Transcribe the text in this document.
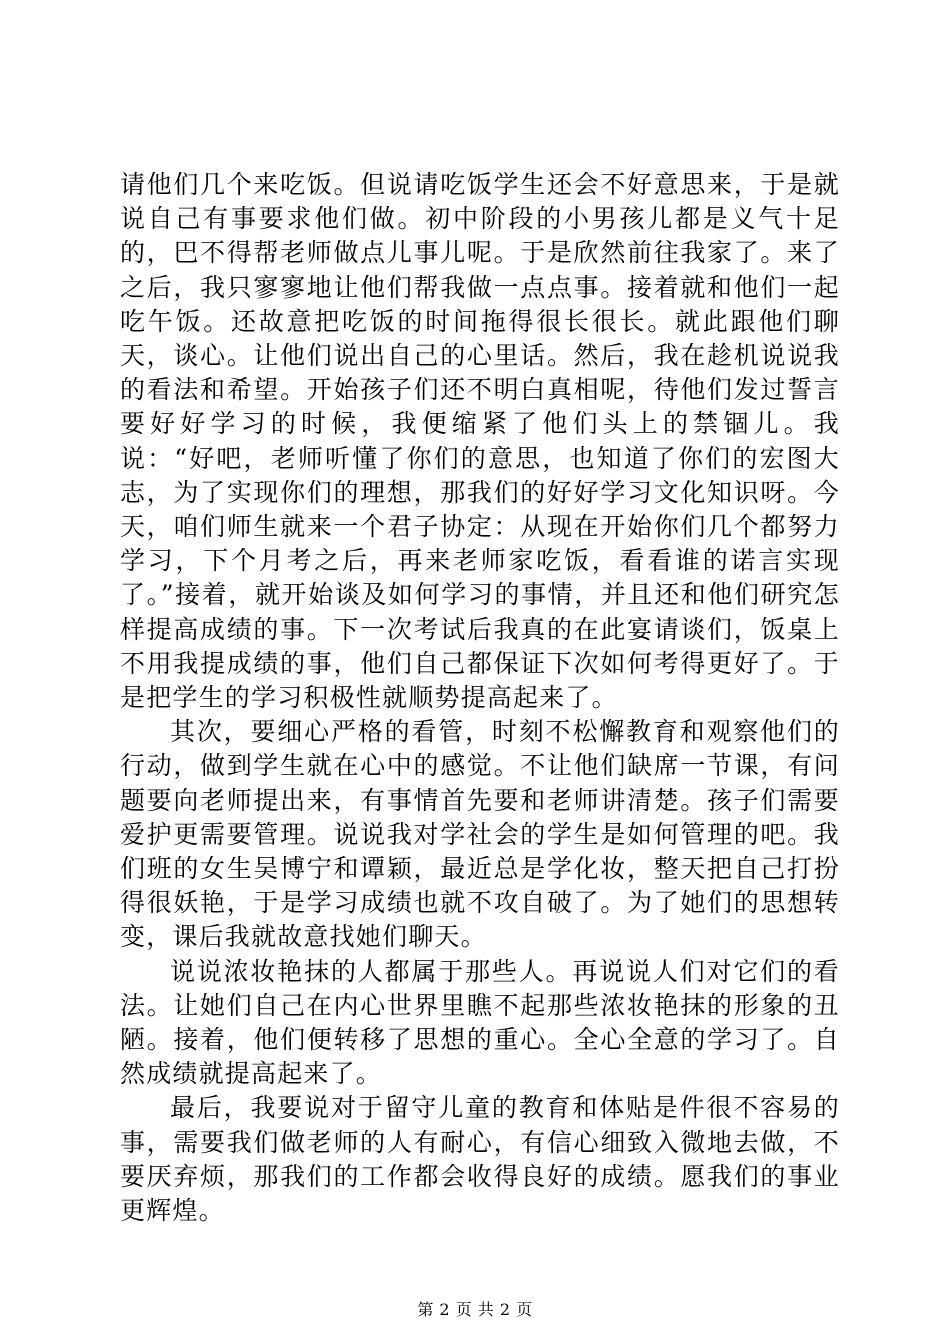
请他们几个来吃饭。但说请吃饭学生还会不好意思来，于是就说自己有事要求他们做。初中阶段的小男孩儿都是义气十足的，巴不得帮老师做点儿事儿呢。于是欣然前往我家了。来了之后，我只寥寥地让他们帮我做一点点事。接着就和他们一起吃午饭。还故意把吃饭的时间拖得很长很长。就此跟他们聊天，谈心。让他们说出自己的心里话。然后，我在趁机说说我的看法和希望。开始孩子们还不明白真相呢，待他们发过誓言要好好学习的时候，我便缩紧了他们头上的禁锢儿。我说：“好吧，老师听懂了你们的意思，也知道了你们的宏图大志，为了实现你们的理想，那我们的好好学习文化知识呀。今天，咱们师生就来一个君子协定：从现在开始你们几个都努力学习，下个月考之后，再来老师家吃饭，看看谁的诺言实现了。”接着，就开始谈及如何学习的事情，并且还和他们研究怎样提高成绩的事。下一次考试后我真的在此宴请谈们，饭桌上不用我提成绩的事，他们自己都保证下次如何考得更好了。于是把学生的学习积极性就顺势提高起来了。

其次，要细心严格的看管，时刻不松懈教育和观察他们的行动，做到学生就在心中的感觉。不让他们缺席一节课，有问题要向老师提出来，有事情首先要和老师讲清楚。孩子们需要爱护更需要管理。说说我对学社会的学生是如何管理的吧。我们班的女生吴博宁和谭颖，最近总是学化妆，整天把自己打扮得很妖艳，于是学习成绩也就不攻自破了。为了她们的思想转变，课后我就故意找她们聊天。

说说浓妆艳抹的人都属于那些人。再说说人们对它们的看法。让她们自己在内心世界里瞧不起那些浓妆艳抹的形象的丑陋。接着，他们便转移了思想的重心。全心全意的学习了。自然成绩就提高起来了。

最后，我要说对于留守儿童的教育和体贴是件很不容易的事，需要我们做老师的人有耐心，有信心细致入微地去做，不要厌弃烦，那我们的工作都会收得良好的成绩。愿我们的事业更辉煌。

第 2 页 共 2 页
